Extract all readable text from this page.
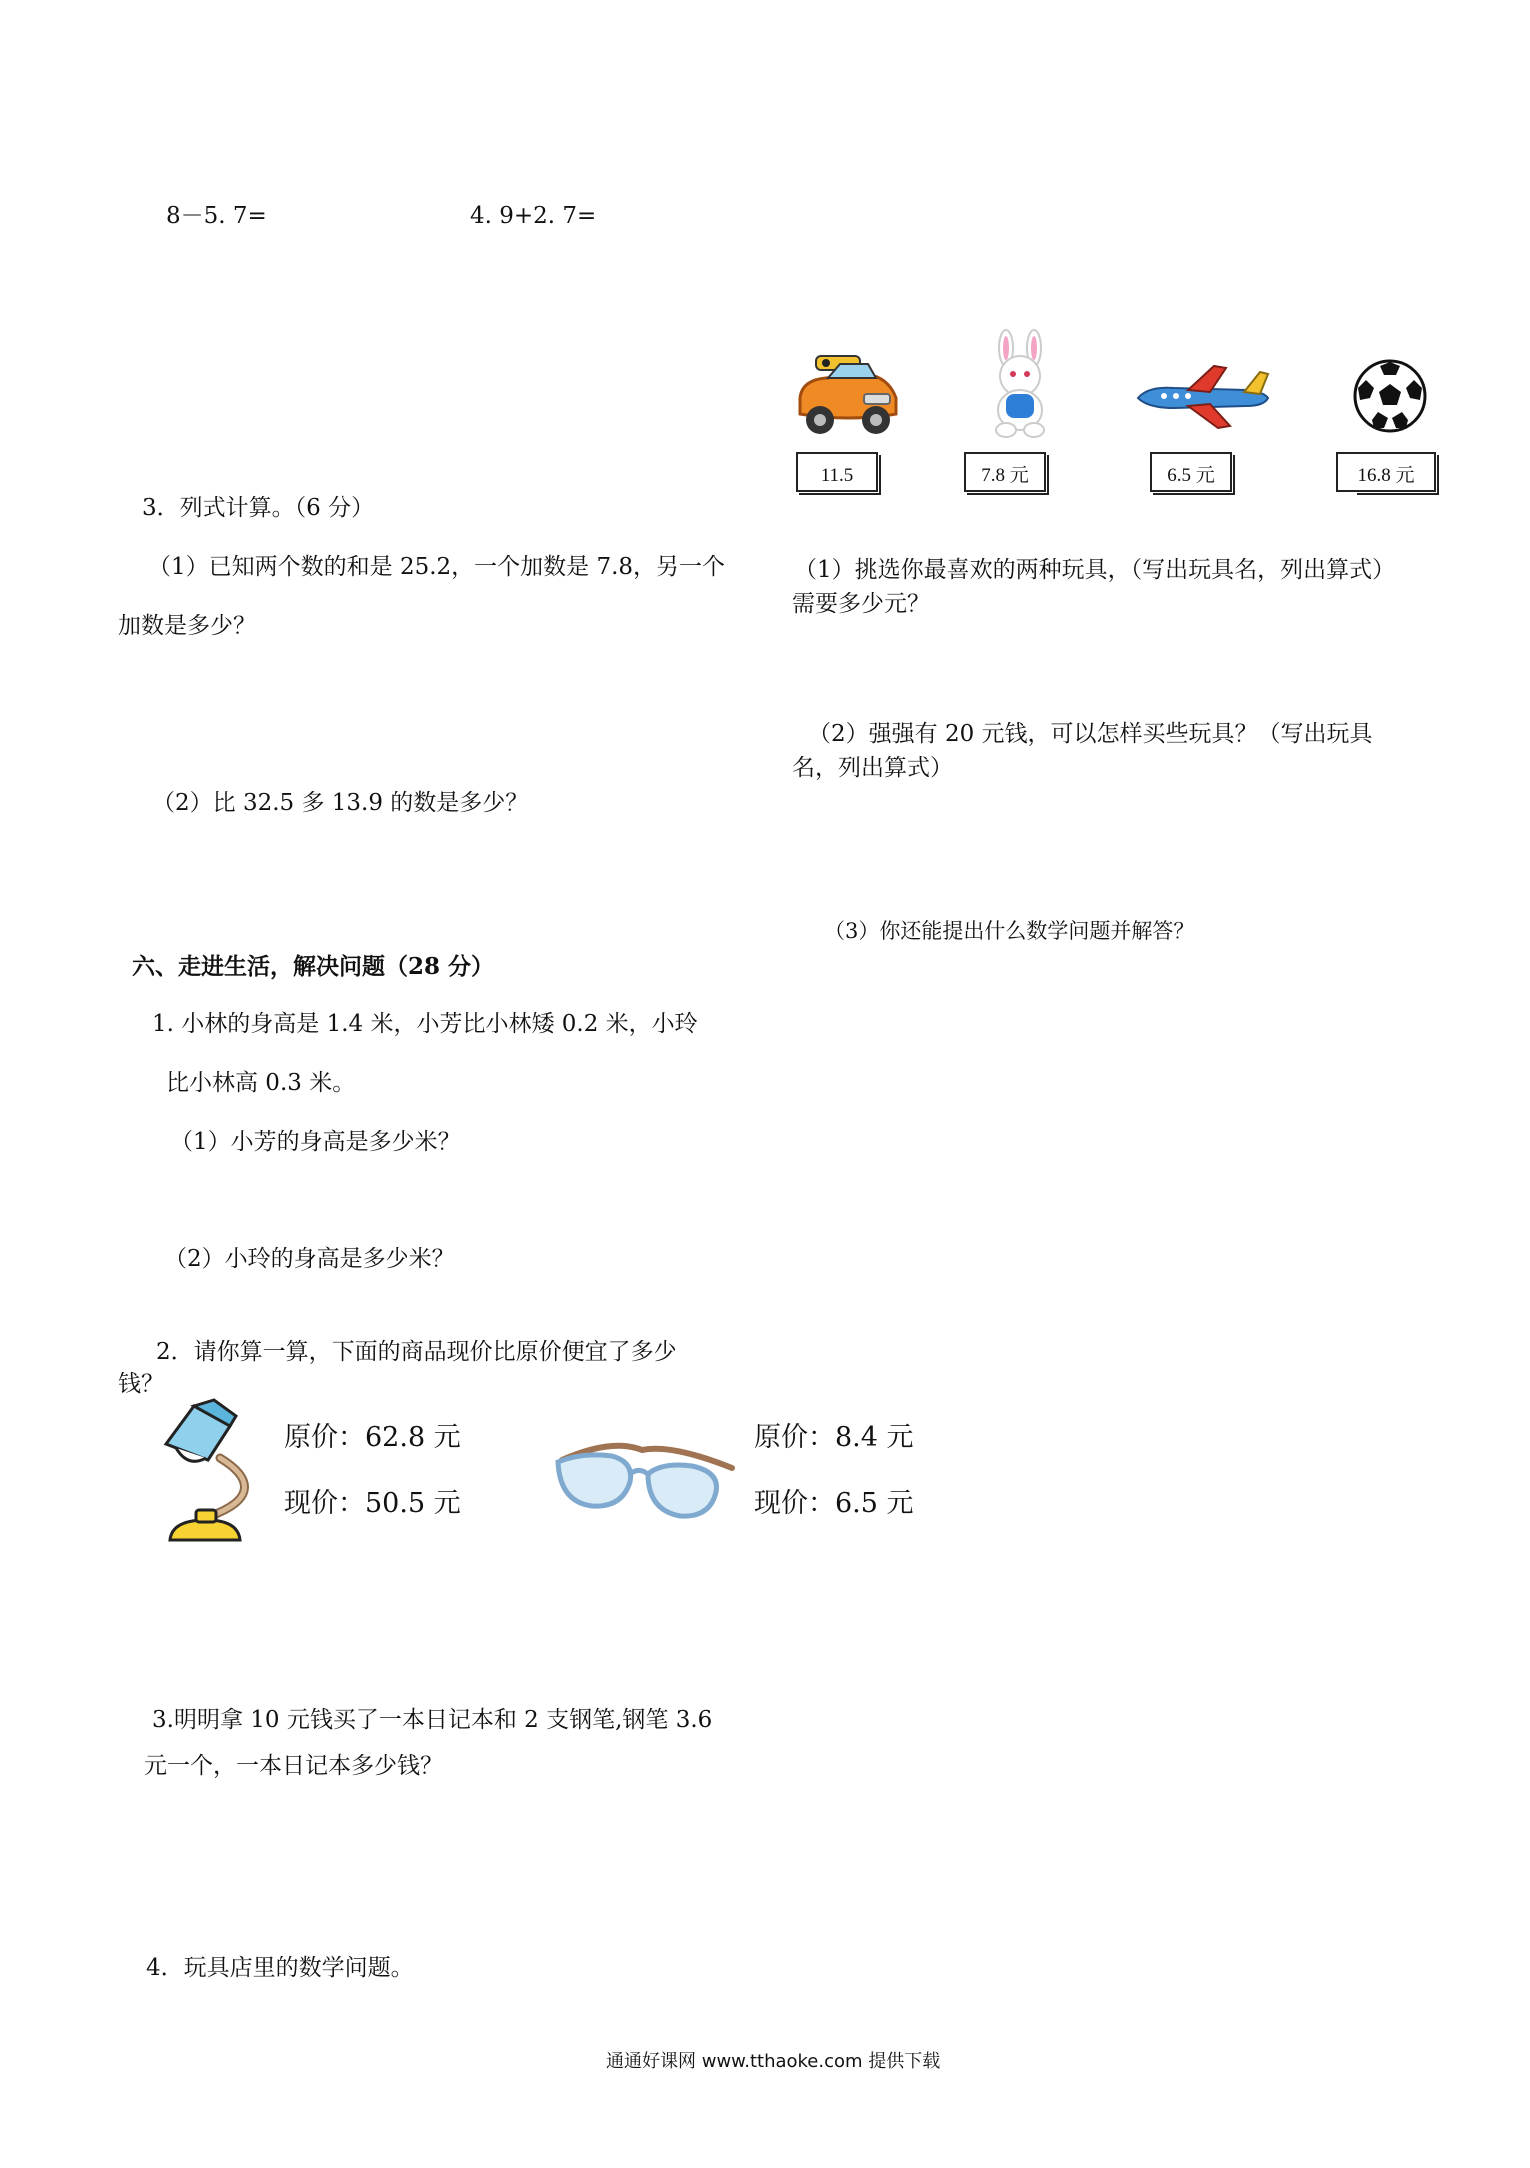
8－5. 7=	4. 9+2. 7=
3．列式计算。（6 分）
（1）已知两个数的和是 25.2，一个加数是 7.8，另一个
加数是多少？
（2）比 32.5 多 13.9 的数是多少？
六、走进生活，解决问题（28 分）
1. 小林的身高是 1.4 米，小芳比小林矮 0.2 米，小玲
比小林高 0.3 米。
（1）小芳的身高是多少米？
（2）小玲的身高是多少米？
2．请你算一算，下面的商品现价比原价便宜了多少
钱？
原价：62.8 元
现价：50.5 元
原价：8.4 元
现价：6.5 元
3.明明拿 10 元钱买了一本日记本和 2 支钢笔,钢笔 3.6
元一个，一本日记本多少钱？
4．玩具店里的数学问题。
11.5	7.8 元	6.5 元	16.8 元
（1）挑选你最喜欢的两种玩具，（写出玩具名，列出算式）
需要多少元？
（2）强强有 20 元钱，可以怎样买些玩具？（写出玩具
名，列出算式）
（3）你还能提出什么数学问题并解答？
通通好课网 www.tthaoke.com 提供下载
